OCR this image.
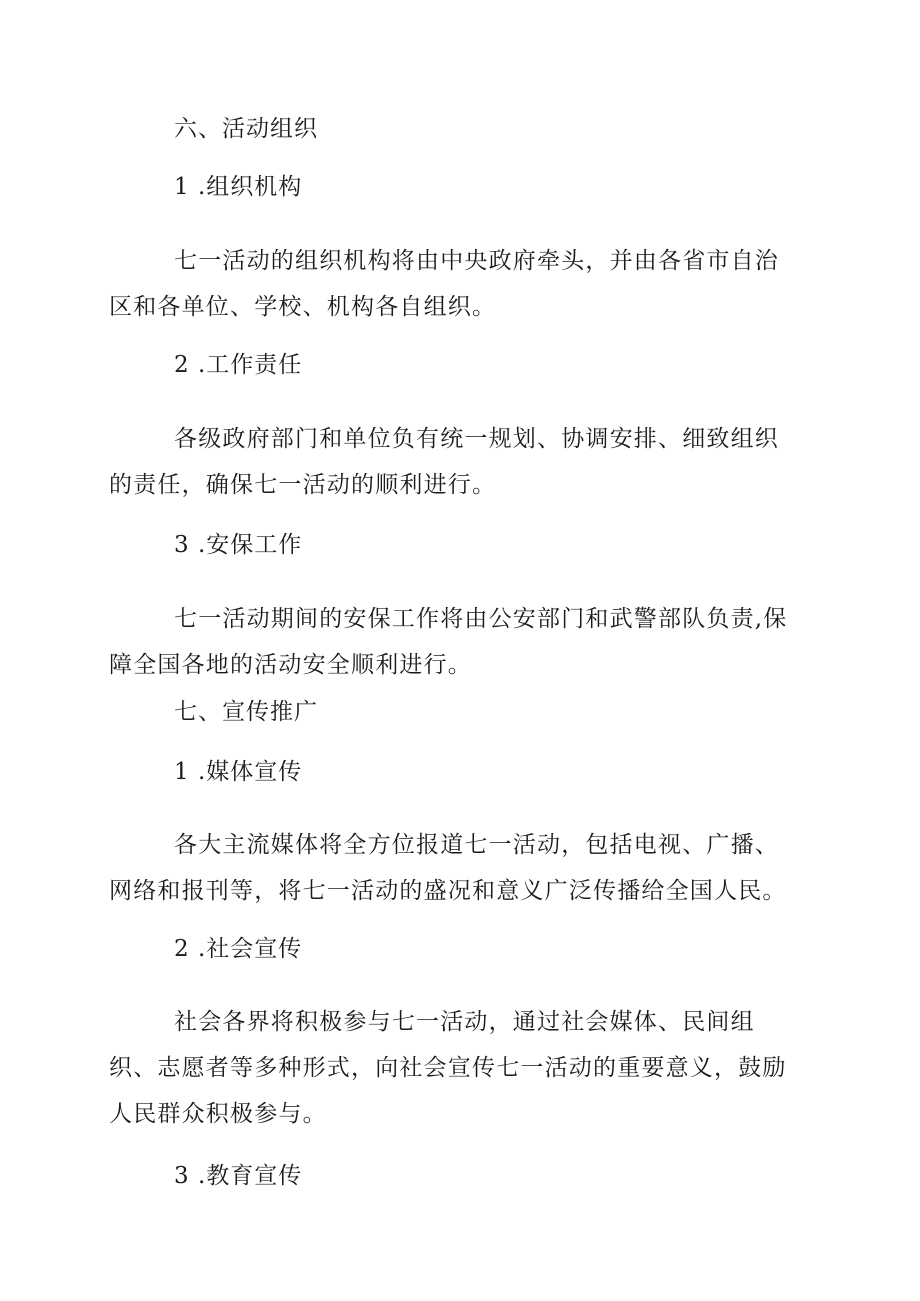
六、活动组织

1 .组织机构

七一活动的组织机构将由中央政府牵头，并由各省市自治区和各单位、学校、机构各自组织。

2 .工作责任

各级政府部门和单位负有统一规划、协调安排、细致组织的责任，确保七一活动的顺利进行。

3 .安保工作

七一活动期间的安保工作将由公安部门和武警部队负责,保障全国各地的活动安全顺利进行。

七、宣传推广

1 .媒体宣传

各大主流媒体将全方位报道七一活动，包括电视、广播、网络和报刊等，将七一活动的盛况和意义广泛传播给全国人民。

2 .社会宣传

社会各界将积极参与七一活动，通过社会媒体、民间组织、志愿者等多种形式，向社会宣传七一活动的重要意义，鼓励人民群众积极参与。

3 .教育宣传
